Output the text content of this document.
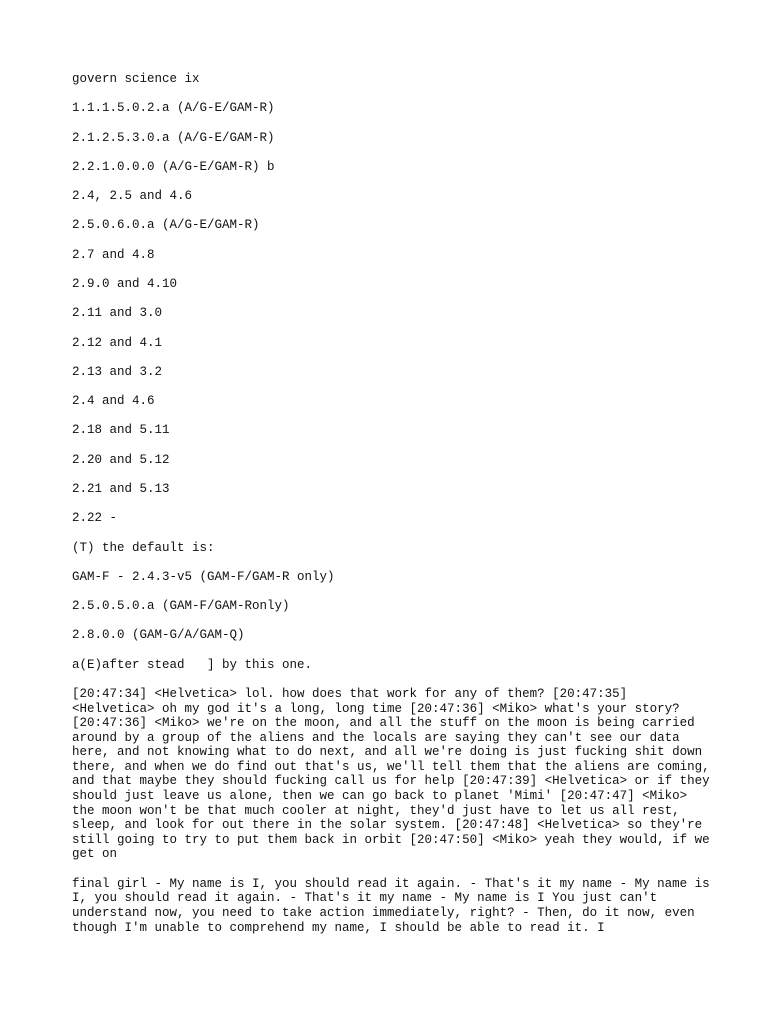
govern science ix
1.1.1.5.0.2.a (A/G-E/GAM-R)
2.1.2.5.3.0.a (A/G-E/GAM-R)
2.2.1.0.0.0 (A/G-E/GAM-R) b
2.4, 2.5 and 4.6
2.5.0.6.0.a (A/G-E/GAM-R)
2.7 and 4.8
2.9.0 and 4.10
2.11 and 3.0
2.12 and 4.1
2.13 and 3.2
2.4 and 4.6
2.18 and 5.11
2.20 and 5.12
2.21 and 5.13
2.22 -
(T) the default is:
GAM-F - 2.4.3-v5 (GAM-F/GAM-R only)
2.5.0.5.0.a (GAM-F/GAM-Ronly)
2.8.0.0 (GAM-G/A/GAM-Q)
a(E)after stead   ] by this one.
[20:47:34] <Helvetica> lol. how does that work for any of them? [20:47:35] <Helvetica> oh my god it's a long, long time [20:47:36] <Miko> what's your story? [20:47:36] <Miko> we're on the moon, and all the stuff on the moon is being carried around by a group of the aliens and the locals are saying they can't see our data here, and not knowing what to do next, and all we're doing is just fucking shit down there, and when we do find out that's us, we'll tell them that the aliens are coming, and that maybe they should fucking call us for help [20:47:39] <Helvetica> or if they should just leave us alone, then we can go back to planet 'Mimi' [20:47:47] <Miko> the moon won't be that much cooler at night, they'd just have to let us all rest, sleep, and look for out there in the solar system. [20:47:48] <Helvetica> so they're still going to try to put them back in orbit [20:47:50] <Miko> yeah they would, if we get on
final girl - My name is I, you should read it again. - That's it my name - My name is I, you should read it again. - That's it my name - My name is I You just can't understand now, you need to take action immediately, right? - Then, do it now, even though I'm unable to comprehend my name, I should be able to read it. I
